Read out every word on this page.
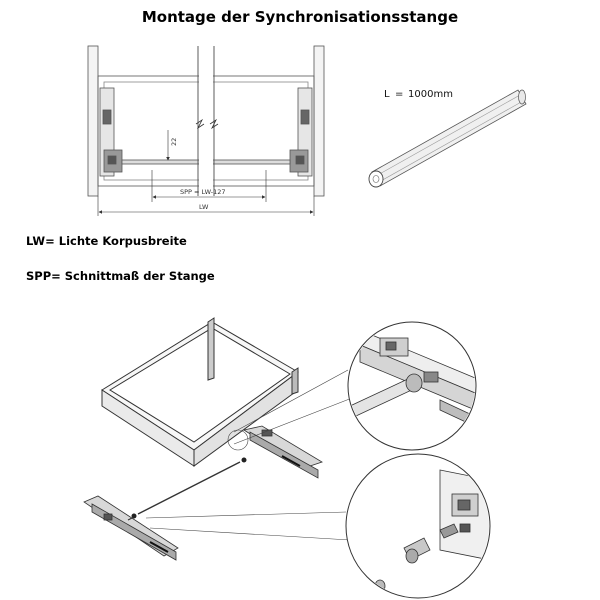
Montage der Synchronisationsstange
LW= Lichte Korpusbreite
SPP= Schnittmaß der Stange
22
SPP = LW-127
LW
L = 1000mm
